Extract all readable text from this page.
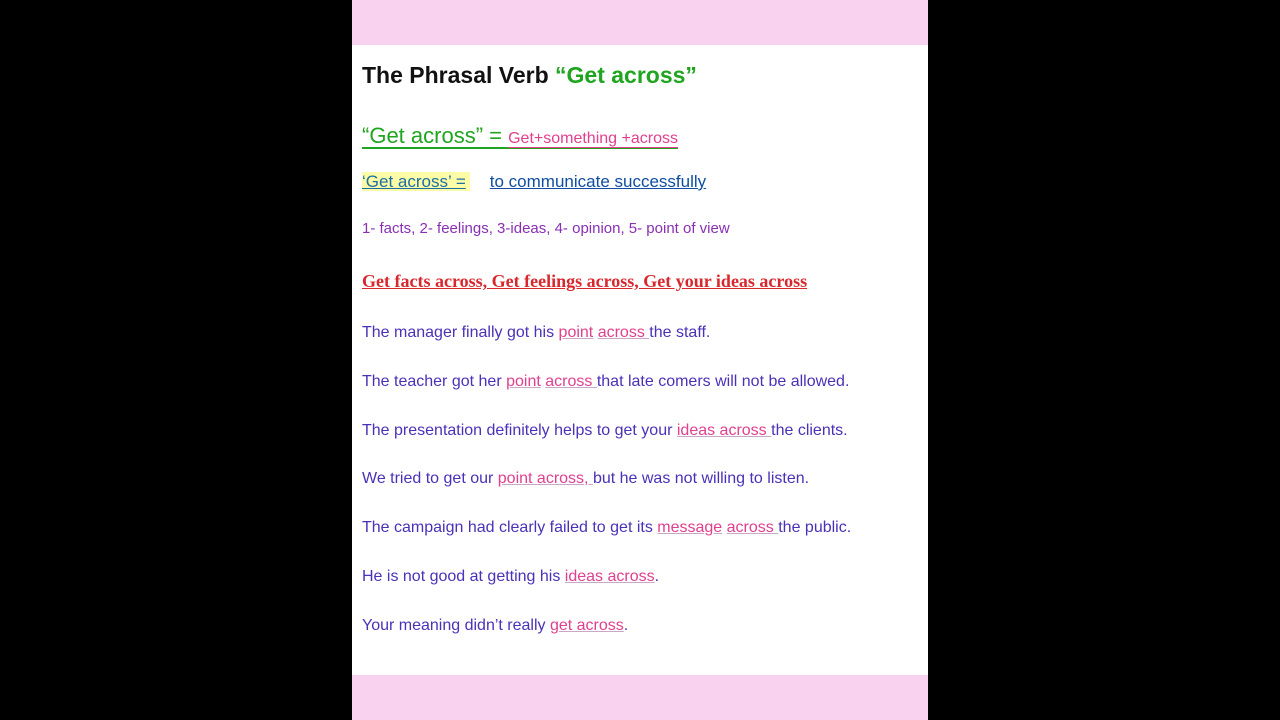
The Phrasal Verb “Get across”
“Get across” = Get+something +across
‘Get across’ = to communicate successfully
1- facts, 2- feelings, 3-ideas, 4- opinion, 5- point of view
Get facts across, Get feelings across, Get your ideas across
The manager finally got his point across the staff.
The teacher got her point across that late comers will not be allowed.
The presentation definitely helps to get your ideas across the clients.
We tried to get our point across, but he was not willing to listen.
The campaign had clearly failed to get its message across the public.
He is not good at getting his ideas across.
Your meaning didn’t really get across.
